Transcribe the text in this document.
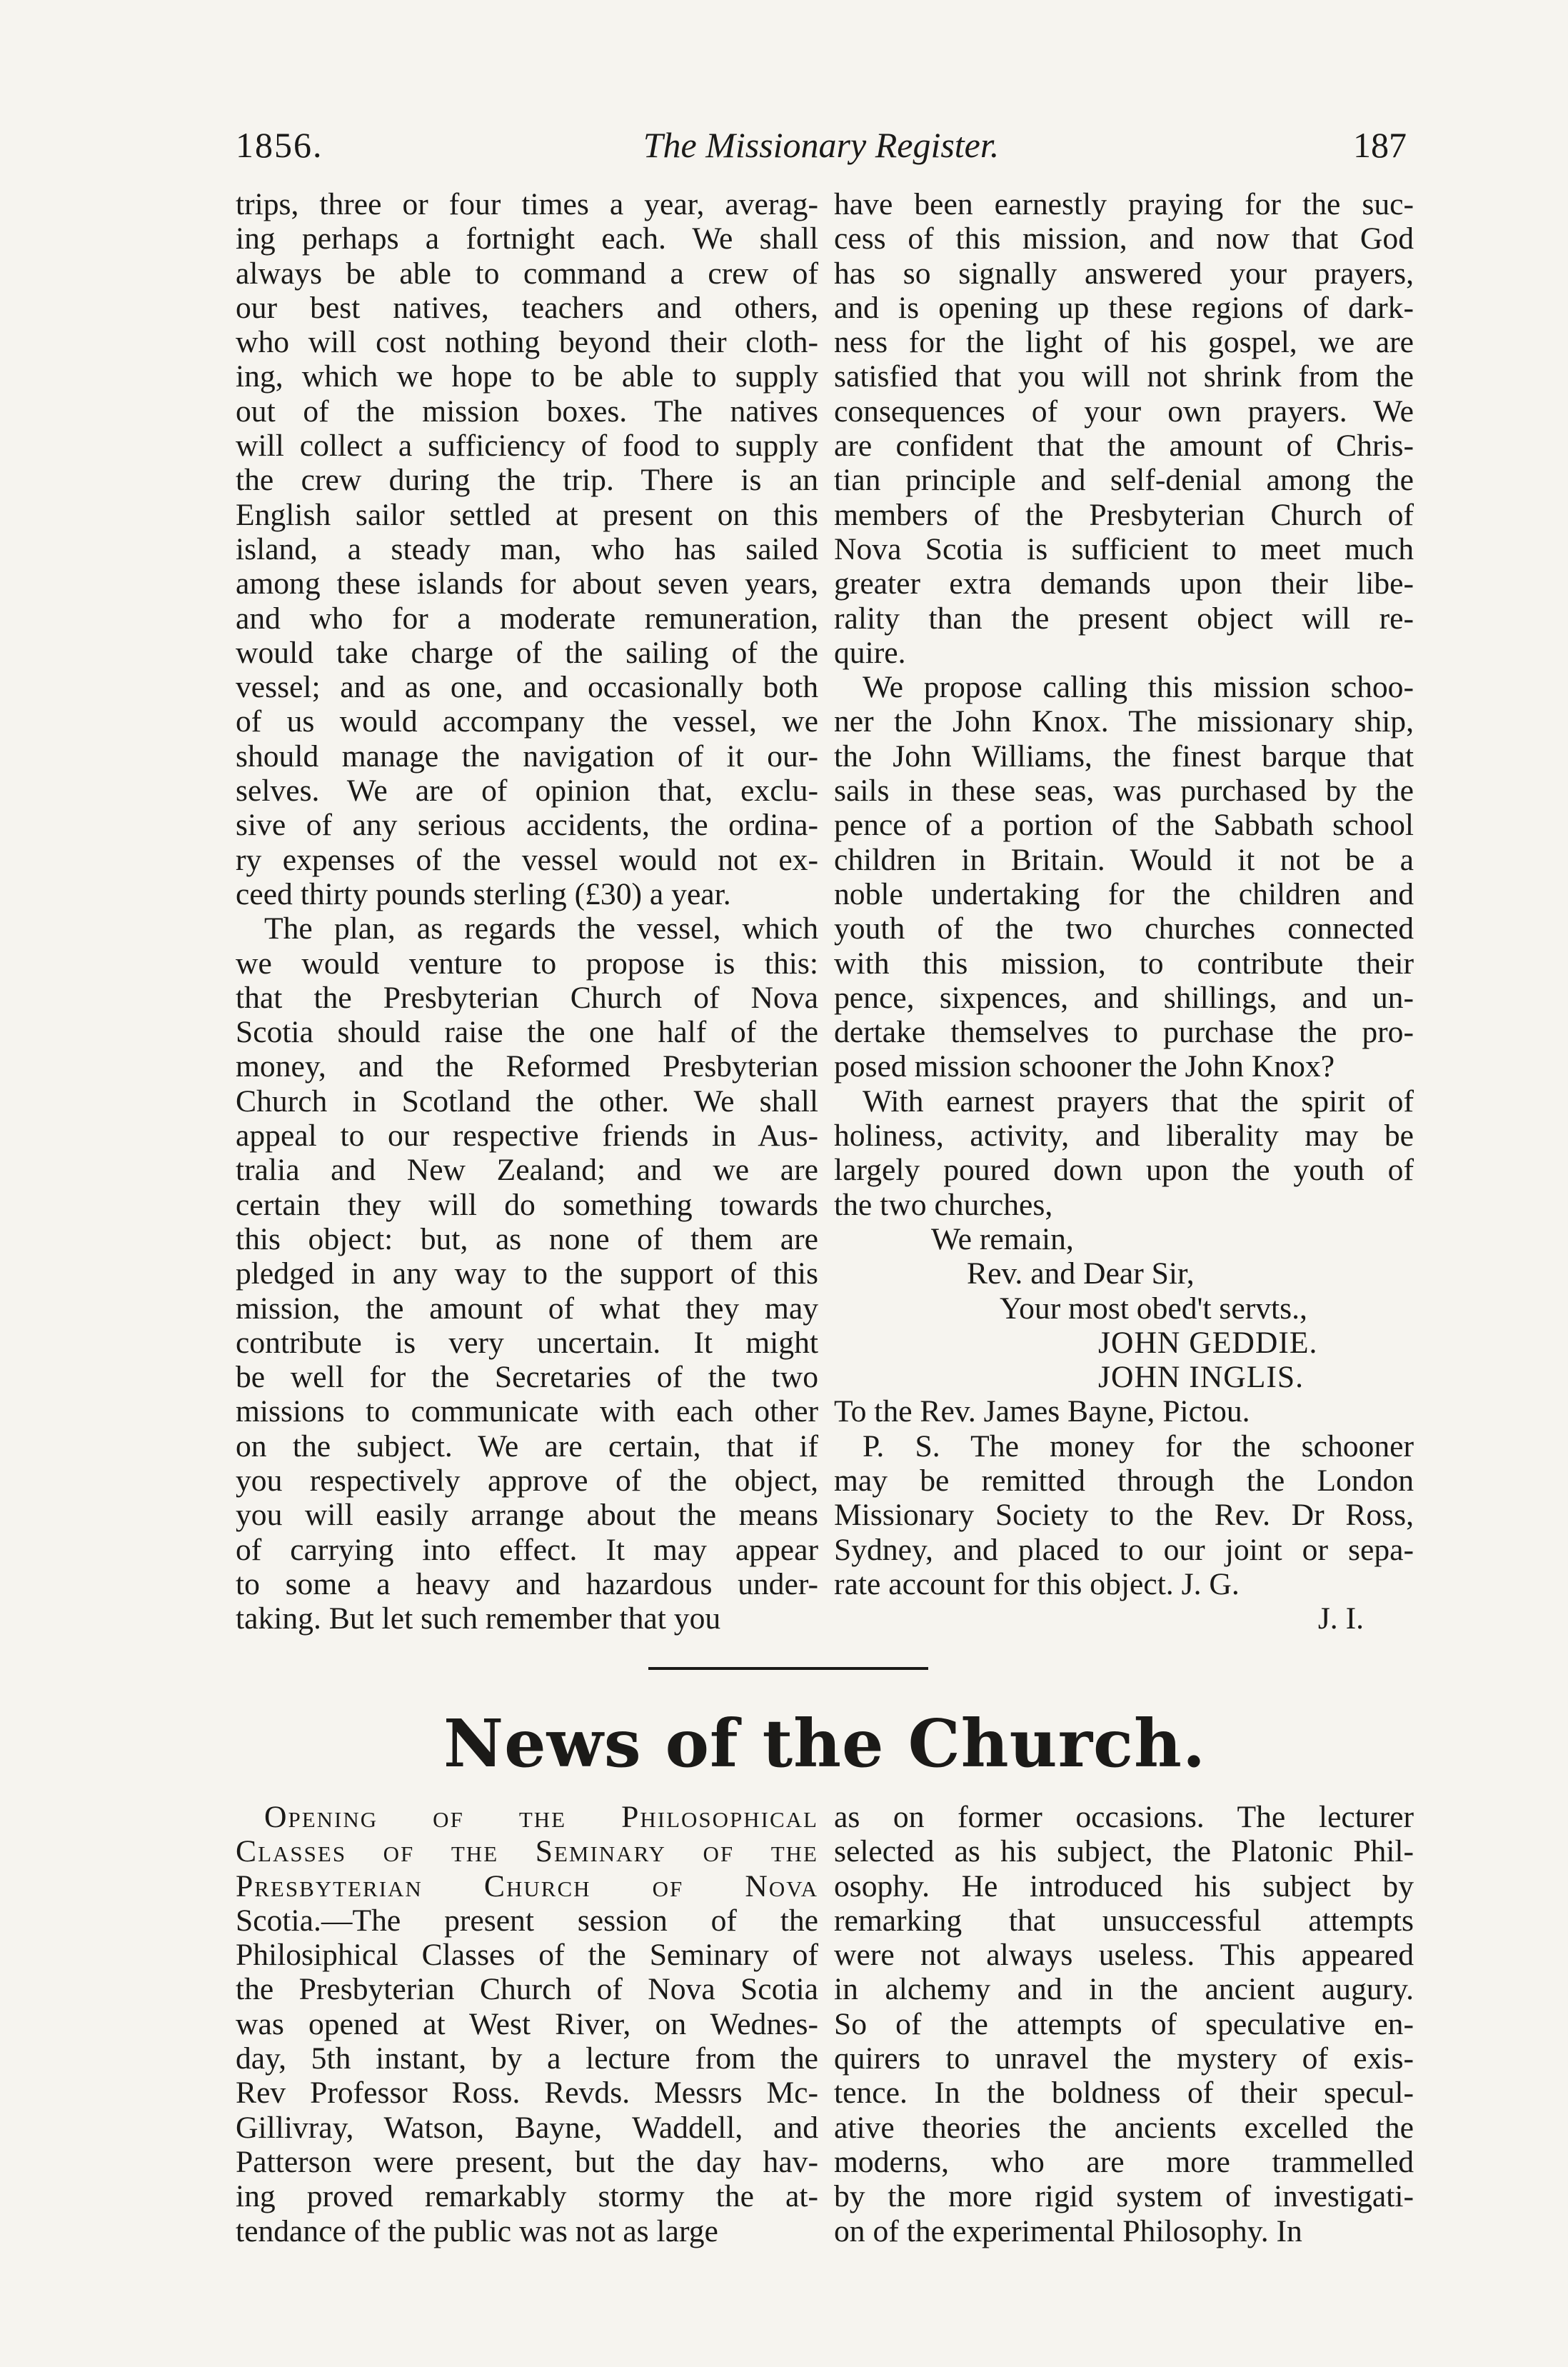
1856.	The Missionary Register.	187

trips, three or four times a year, averag-

ing perhaps a fortnight each. We shall

always be able to command a crew of

our best natives, teachers and others,

who will cost nothing beyond their cloth-

ing, which we hope to be able to supply

out of the mission boxes. The natives

will collect a sufficiency of food to supply

the crew during the trip. There is an

English sailor settled at present on this

island, a steady man, who has sailed

among these islands for about seven years,

and who for a moderate remuneration,

would take charge of the sailing of the

vessel; and as one, and occasionally both

of us would accompany the vessel, we

should manage the navigation of it our-

selves. We are of opinion that, exclu-

sive of any serious accidents, the ordina-

ry expenses of the vessel would not ex-

ceed thirty pounds sterling (£30) a year.

The plan, as regards the vessel, which

we would venture to propose is this:

that the Presbyterian Church of Nova

Scotia should raise the one half of the

money, and the Reformed Presbyterian

Church in Scotland the other. We shall

appeal to our respective friends in Aus-

tralia and New Zealand; and we are

certain they will do something towards

this object: but, as none of them are

pledged in any way to the support of this

mission, the amount of what they may

contribute is very uncertain. It might

be well for the Secretaries of the two

missions to communicate with each other

on the subject. We are certain, that if

you respectively approve of the object,

you will easily arrange about the means

of carrying into effect. It may appear

to some a heavy and hazardous under-

taking. But let such remember that you

have been earnestly praying for the suc-

cess of this mission, and now that God

has so signally answered your prayers,

and is opening up these regions of dark-

ness for the light of his gospel, we are

satisfied that you will not shrink from the

consequences of your own prayers. We

are confident that the amount of Chris-

tian principle and self-denial among the

members of the Presbyterian Church of

Nova Scotia is sufficient to meet much

greater extra demands upon their libe-

rality than the present object will re-

quire.

We propose calling this mission schoo-

ner the John Knox. The missionary ship,

the John Williams, the finest barque that

sails in these seas, was purchased by the

pence of a portion of the Sabbath school

children in Britain. Would it not be a

noble undertaking for the children and

youth of the two churches connected

with this mission, to contribute their

pence, sixpences, and shillings, and un-

dertake themselves to purchase the pro-

posed mission schooner the John Knox?

With earnest prayers that the spirit of

holiness, activity, and liberality may be

largely poured down upon the youth of

the two churches,

We remain,

Rev. and Dear Sir,

Your most obed't servts.,

JOHN GEDDIE.

JOHN INGLIS.

To the Rev. James Bayne, Pictou.

P. S. The money for the schooner

may be remitted through the London

Missionary Society to the Rev. Dr Ross,

Sydney, and placed to our joint or sepa-

rate account for this object. J. G.

J. I.

News of the Church.

Opening of the Philosophical

Classes of the Seminary of the

Presbyterian Church of Nova

Scotia.—The present session of the

Philosiphical Classes of the Seminary of

the Presbyterian Church of Nova Scotia

was opened at West River, on Wednes-

day, 5th instant, by a lecture from the

Rev Professor Ross. Revds. Messrs Mc-

Gillivray, Watson, Bayne, Waddell, and

Patterson were present, but the day hav-

ing proved remarkably stormy the at-

tendance of the public was not as large

as on former occasions. The lecturer

selected as his subject, the Platonic Phil-

osophy. He introduced his subject by

remarking that unsuccessful attempts

were not always useless. This appeared

in alchemy and in the ancient augury.

So of the attempts of speculative en-

quirers to unravel the mystery of exis-

tence. In the boldness of their specul-

ative theories the ancients excelled the

moderns, who are more trammelled

by the more rigid system of investigati-

on of the experimental Philosophy. In
